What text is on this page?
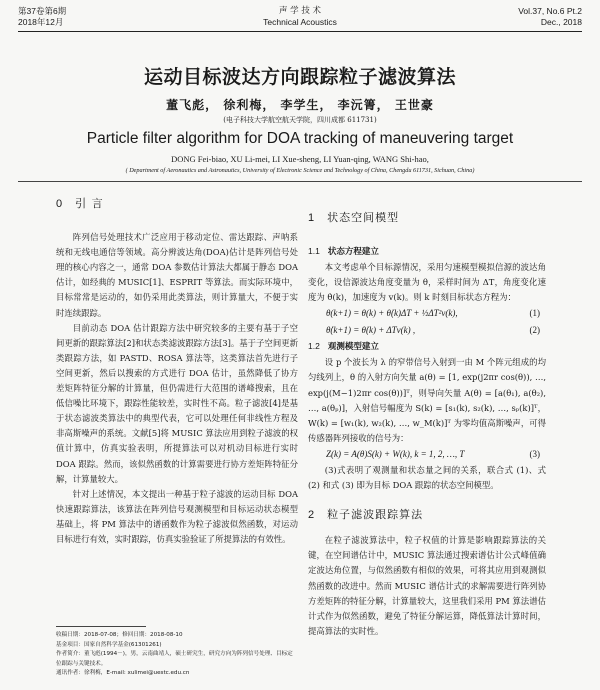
第37卷第6期
2018年12月
声 学 技 术
Technical Acoustics
Vol.37, No.6 Pt.2
Dec., 2018
运动目标波达方向跟踪粒子滤波算法
董飞彪， 徐利梅， 李学生， 李沅箐， 王世豪
(电子科技大学航空航天学院，四川成都 611731)
Particle filter algorithm for DOA tracking of maneuvering target
DONG Fei-biao, XU Li-mei, LI Xue-sheng, LI Yuan-qing, WANG Shi-hao,
( Department of Aeronautics and Astronautics, University of Electronic Science and Technology of China, Chengdu 611731, Sichuan, China)
0 引 言

阵列信号处理技术广泛应用于移动定位、雷达跟踪、声呐系统和无线电通信等领域。高分辨波达角(DOA)估计是阵列信号处理的核心内容之一，通常 DOA 参数估计算法大都属于静态 DOA 估计，如经典的 MUSIC[1]、ESPRIT 等算法。而实际环境中，目标常常是运动的，如仍采用此类算法，则计算量大，不便于实时连续跟踪。

目前动态 DOA 估计跟踪方法中研究较多的主要有基于子空间更新的跟踪算法[2]和状态类滤波跟踪方法[3]。基于子空间更新类跟踪方法，如 PASTD、ROSA 算法等，这类算法首先进行子空间更新，然后以搜索的方式进行 DOA 估计，虽然降低了协方差矩阵特征分解的计算量，但仍需进行大范围的谱峰搜索，且在低信噪比环境下，跟踪性能较差，实时性不高。粒子滤波[4]是基于状态滤波类算法中的典型代表，它可以处理任何非线性方程及非高斯噪声的系统。文献[5]将 MUSIC 算法应用到粒子滤波的权值计算中，仿真实验表明，所提算法可以对机动目标进行实时 DOA 跟踪。然而，该似然函数的计算需要进行协方差矩阵特征分解，计算量较大。

针对上述情况，本文提出一种基于粒子滤波的运动目标 DOA 快速跟踪算法，该算法在阵列信号观测模型和目标运动状态模型基础上，将 PM 算法中的谱函数作为粒子滤波似然函数，对运动目标进行有效，实时跟踪，仿真实验验证了所提算法的有效性。

1 状态空间模型
1.1 状态方程建立

本文考虑单个目标源情况，采用匀速模型模拟信源的波达角变化，设信源波达角度变量为 θ，采样时间为 ΔT，角度变化速度为 θ̇(k)，加速度为 v(k)。则 k 时刻目标状态方程为：

θ(k+1) = θ(k) + θ̇(k)ΔT + ½ΔT²v(k),	(1)
θ̇(k+1) = θ̇(k) + ΔTv(k) ,	(2)
1.2 观测模型建立

设 p 个波长为 λ 的窄带信号入射到一由 M 个阵元组成的均匀线列上，θ 的入射方向矢量 a(θ) = [1, exp(j2πr cos(θ)), …, exp(j(M−1)2πr cos(θ))]ᵀ，则导向矢量 A(θ) = [a(θ₁), a(θ₂), …, a(θₚ)]，入射信号幅度为 S(k) = [s₁(k), s₂(k), …, sₚ(k)]ᵀ，W(k) = [w₁(k), w₂(k), …, w_M(k)]ᵀ 为零均值高斯噪声，可得传感器阵列接收的信号为：

Z(k) = A(θ)S(k) + W(k), k = 1, 2, …, T	(3)

(3)式表明了观测量和状态量之间的关系，联合式 (1)、式 (2) 和式 (3) 即为目标 DOA 跟踪的状态空间模型。

2 粒子滤波跟踪算法

在粒子滤波算法中，粒子权值的计算是影响跟踪算法的关键，在空间谱估计中，MUSIC 算法通过搜索谱估计公式峰值确定波达角位置，与似然函数有相似的效果，可将其应用到观测似然函数的改进中。然而 MUSIC 谱估计式的求解需要进行阵列协方差矩阵的特征分解，计算量较大，这里我们采用 PM 算法谱估计式作为似然函数，避免了特征分解运算，降低算法计算时间，提高算法的实时性。

收稿日期：2018-07-08；修回日期：2018-08-10
基金项目：国家自然科学基金(61301261)
作者简介：董飞彪(1994－)，男，云南曲靖人，硕士研究生，研究方向为阵列信号处理、目标定位跟踪与关键技术。
通讯作者：徐利梅，E-mail: xulimei@uestc.edu.cn
